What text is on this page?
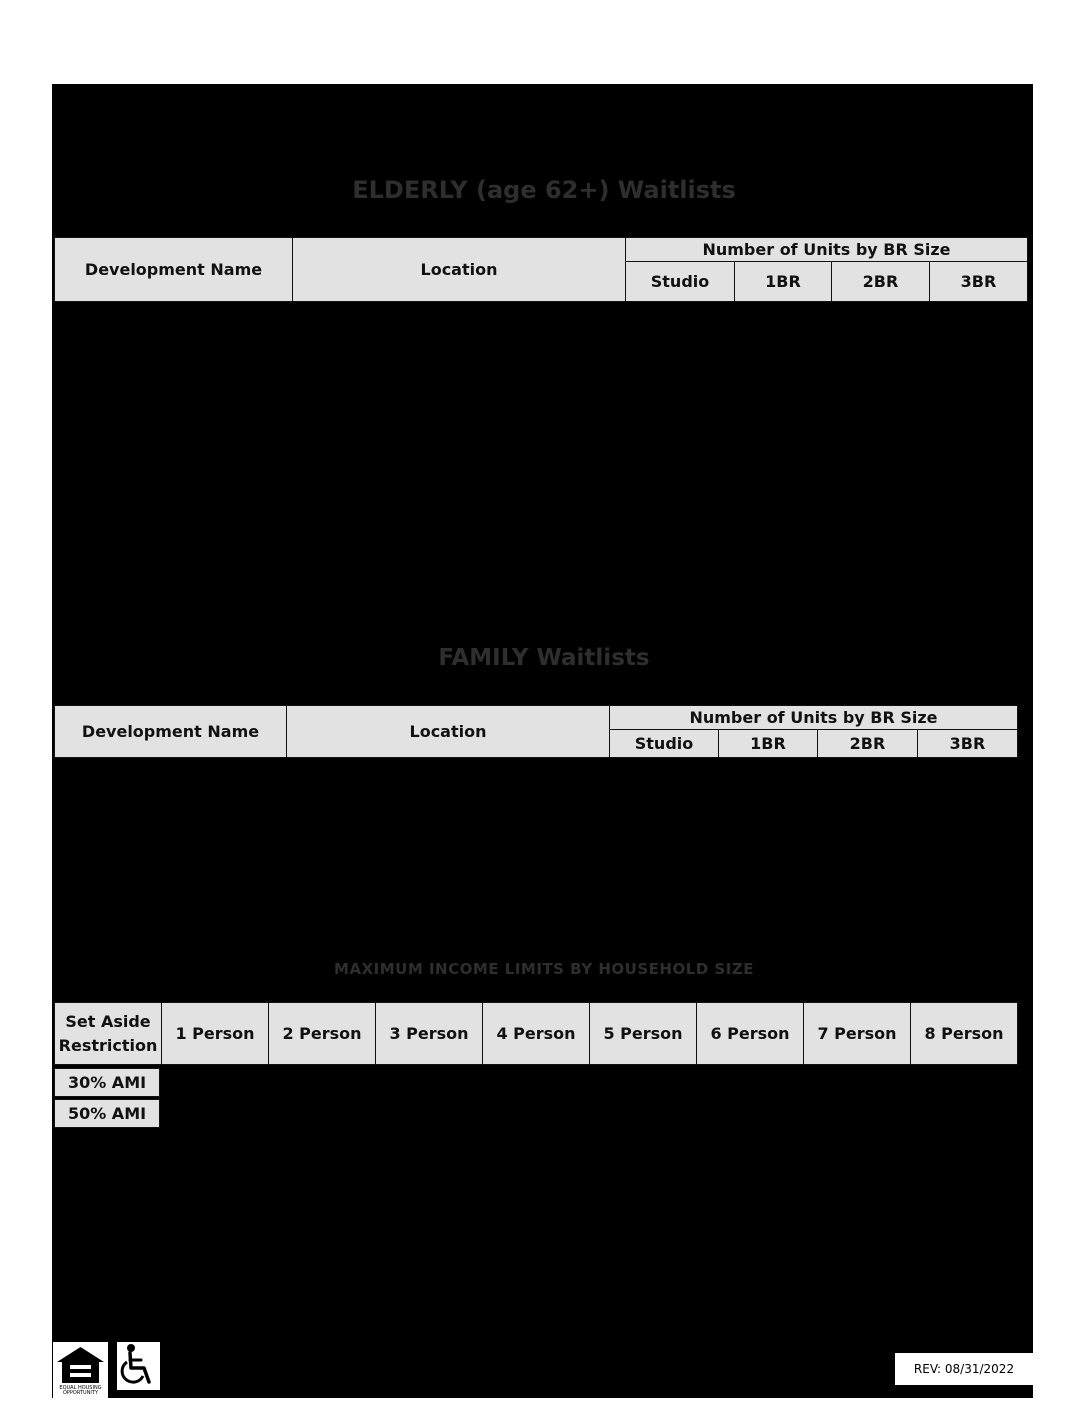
ELDERLY (age 62+) Waitlists
Development Name	Location	Number of Units by BR Size			
		Studio	1BR	2BR	3BR
FAMILY Waitlists
Development Name	Location	Number of Units by BR Size			
		Studio	1BR	2BR	3BR
MAXIMUM INCOME LIMITS BY HOUSEHOLD SIZE
Set Aside Restriction	1 Person	2 Person	3 Person	4 Person	5 Person	6 Person	7 Person	8 Person
30% AMI
50% AMI
EQUAL HOUSING OPPORTUNITY
REV: 08/31/2022
